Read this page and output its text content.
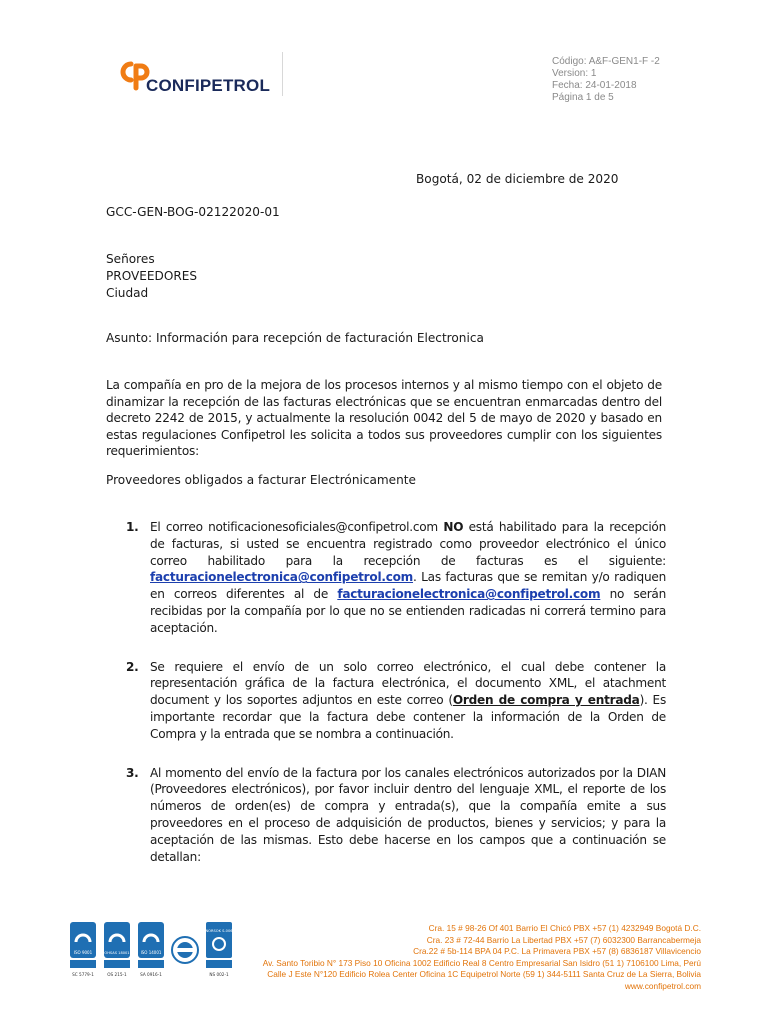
CONFIPETROL
Código: A&F-GEN1-F -2
Version: 1
Fecha: 24-01-2018
Página 1 de 5
Bogotá, 02 de diciembre de 2020
GCC-GEN-BOG-02122020-01
Señores
PROVEEDORES
Ciudad
Asunto: Información para recepción de facturación Electronica
La compañía en pro de la mejora de los procesos internos y al mismo tiempo con el objeto de dinamizar la recepción de las facturas electrónicas que se encuentran enmarcadas dentro del decreto 2242 de 2015, y actualmente la resolución 0042 del 5 de mayo de 2020 y basado en estas regulaciones Confipetrol les solicita a todos sus proveedores cumplir con los siguientes requerimientos:
Proveedores obligados a facturar Electrónicamente
1. El correo notificacionesoficiales@confipetrol.com NO está habilitado para la recepción de facturas, si usted se encuentra registrado como proveedor electrónico el único correo habilitado para la recepción de facturas es el siguiente: facturacionelectronica@confipetrol.com. Las facturas que se remitan y/o radiquen en correos diferentes al de facturacionelectronica@confipetrol.com no serán recibidas por la compañía por lo que no se entienden radicadas ni correrá termino para aceptación.
2. Se requiere el envío de un solo correo electrónico, el cual debe contener la representación gráfica de la factura electrónica, el documento XML, el atachment document y los soportes adjuntos en este correo (Orden de compra y entrada). Es importante recordar que la factura debe contener la información de la Orden de Compra y la entrada que se nombra a continuación.
3. Al momento del envío de la factura por los canales electrónicos autorizados por la DIAN (Proveedores electrónicos), por favor incluir dentro del lenguaje XML, el reporte de los números de orden(es) de compra y entrada(s), que la compañía emite a sus proveedores en el proceso de adquisición de productos, bienes y servicios; y para la aceptación de las mismas. Esto debe hacerse en los campos que a continuación se detallan:
ISO 9001
SC 5779-1
OHSAS 18001
OS 215-1
ISO 14001
SA 0916-1
NORSOK S-006
NS 002-1
Cra. 15 # 98-26 Of 401 Barrio El Chicó PBX +57 (1) 4232949 Bogotá D.C.
Cra. 23 # 72-44 Barrio La Libertad PBX +57 (7) 6032300 Barrancabermeja
Cra.22 # 5b-114 BPA 04 P.C. La Primavera PBX +57 (8) 6836187 Villavicencio
Av. Santo Toribio N° 173 Piso 10 Oficina 1002 Edificio Real 8 Centro Empresarial San Isidro (51 1) 7106100 Lima, Perú
Calle J Este N°120 Edificio Rolea Center Oficina 1C Equipetrol Norte (59 1) 344-5111 Santa Cruz de La Sierra, Bolivia
www.confipetrol.com
